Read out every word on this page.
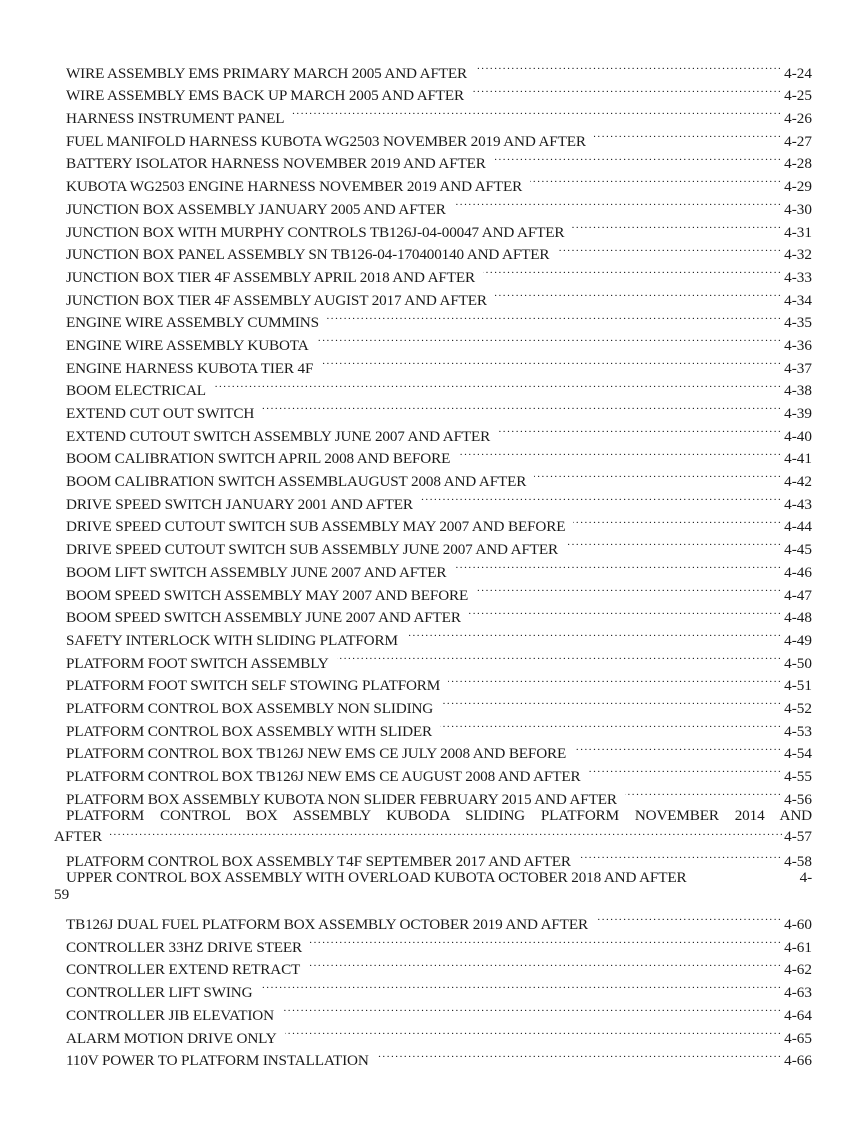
WIRE ASSEMBLY EMS PRIMARY MARCH 2005 AND AFTER . . .	4-24
WIRE ASSEMBLY EMS BACK UP MARCH 2005 AND AFTER . . .	4-25
HARNESS INSTRUMENT PANEL . . .	4-26
FUEL MANIFOLD HARNESS KUBOTA WG2503 NOVEMBER 2019 AND AFTER . . .	4-27
BATTERY ISOLATOR HARNESS NOVEMBER 2019 AND AFTER . . .	4-28
KUBOTA WG2503 ENGINE HARNESS NOVEMBER 2019 AND AFTER . . .	4-29
JUNCTION BOX ASSEMBLY JANUARY 2005 AND AFTER . . .	4-30
JUNCTION BOX WITH MURPHY CONTROLS TB126J-04-00047 AND AFTER . . .	4-31
JUNCTION BOX PANEL ASSEMBLY SN TB126-04-170400140 AND AFTER . . .	4-32
JUNCTION BOX TIER 4F ASSEMBLY APRIL 2018 AND AFTER . . .	4-33
JUNCTION BOX TIER 4F ASSEMBLY AUGIST 2017 AND AFTER . . .	4-34
ENGINE WIRE ASSEMBLY CUMMINS . . .	4-35
ENGINE WIRE ASSEMBLY KUBOTA . . .	4-36
ENGINE HARNESS KUBOTA TIER 4F . . .	4-37
BOOM ELECTRICAL . . .	4-38
EXTEND CUT OUT SWITCH . . .	4-39
EXTEND CUTOUT SWITCH ASSEMBLY JUNE 2007 AND AFTER . . .	4-40
BOOM CALIBRATION SWITCH APRIL 2008 AND BEFORE . . .	4-41
BOOM CALIBRATION SWITCH ASSEMBLAUGUST 2008 AND AFTER . . .	4-42
DRIVE SPEED SWITCH JANUARY 2001 AND AFTER . . .	4-43
DRIVE SPEED CUTOUT SWITCH SUB ASSEMBLY MAY 2007 AND BEFORE . . .	4-44
DRIVE SPEED CUTOUT SWITCH SUB ASSEMBLY JUNE 2007 AND AFTER . . .	4-45
BOOM LIFT SWITCH ASSEMBLY JUNE 2007 AND AFTER . . .	4-46
BOOM SPEED SWITCH ASSEMBLY MAY 2007 AND BEFORE . . .	4-47
BOOM SPEED SWITCH ASSEMBLY JUNE 2007 AND AFTER . . .	4-48
SAFETY INTERLOCK WITH SLIDING PLATFORM . . .	4-49
PLATFORM FOOT SWITCH ASSEMBLY . . .	4-50
PLATFORM FOOT SWITCH SELF STOWING PLATFORM . . .	4-51
PLATFORM CONTROL BOX ASSEMBLY NON SLIDING . . .	4-52
PLATFORM CONTROL BOX ASSEMBLY WITH SLIDER . . .	4-53
PLATFORM CONTROL BOX TB126J NEW EMS CE JULY 2008 AND BEFORE . . .	4-54
PLATFORM CONTROL BOX TB126J NEW EMS CE AUGUST 2008 AND AFTER . . .	4-55
PLATFORM BOX ASSEMBLY KUBOTA NON SLIDER FEBRUARY 2015 AND AFTER . . .	4-56
PLATFORM CONTROL BOX ASSEMBLY KUBODA SLIDING PLATFORM NOVEMBER 2014 AND
AFTER . . .	4-57
PLATFORM CONTROL BOX ASSEMBLY T4F SEPTEMBER 2017 AND AFTER . . .	4-58
UPPER CONTROL BOX ASSEMBLY WITH OVERLOAD KUBOTA OCTOBER 2018 AND AFTER	4-
59
TB126J DUAL FUEL PLATFORM BOX ASSEMBLY OCTOBER 2019 AND AFTER . . .	4-60
CONTROLLER 33HZ DRIVE STEER . . .	4-61
CONTROLLER EXTEND RETRACT . . .	4-62
CONTROLLER LIFT SWING . . .	4-63
CONTROLLER JIB ELEVATION . . .	4-64
ALARM MOTION DRIVE ONLY . . .	4-65
110V POWER TO PLATFORM INSTALLATION . . .	4-66
